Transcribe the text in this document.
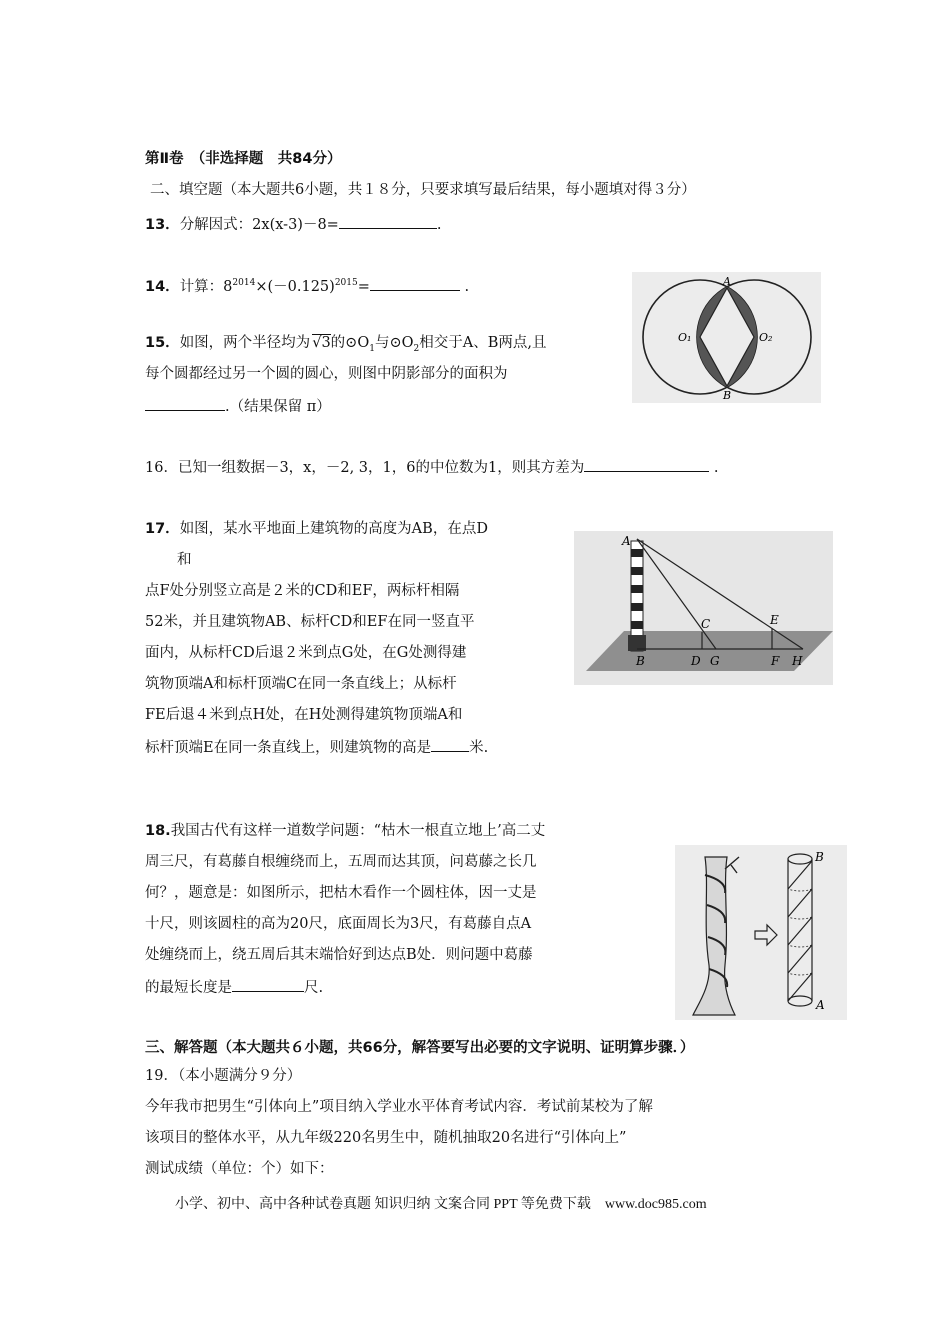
第Ⅱ卷　（非选择题　共84分）
二、填空题（本大题共6小题，共１８分，只要求填写最后结果，每小题填对得３分）
13．分解因式：2x(x-3)－8=	.
14．计算：$8^{2014}\times(-0.125)^{2015}=$	.	A
B
O₁	O₂
15．如图，两个半径均为 √3的$⊙O_1$与$⊙O_2$相交于A、B两点,且
每个圆都经过另一个圆的圆心，则图中阴影部分的面积为
.（结果保留 π）
16．已知一组数据－3，x，－2, 3，1，6的中位数为1，则其方差为	.
A
B
C
D G
E
F H
17．如图，某水平地面上建筑物的高度为AB，在点D
和
点F处分别竖立高是２米的CD和EF，两标杆相隔
52米，并且建筑物AB、标杆CD和EF在同一竖直平
面内，从标杆CD后退２米到点G处，在G处测得建
筑物顶端A和标杆顶端C在同一条直线上；从标杆
FE后退４米到点H处，在H处测得建筑物顶端A和
标杆顶端E在同一条直线上，则建筑物的高是	米.
B
A
18.我国古代有这样一道数学问题：“枯木一根直立地上’高二丈
周三尺，有葛藤自根缠绕而上，五周而达其顶，问葛藤之长几
何？，题意是：如图所示，把枯木看作一个圆柱体，因一丈是
十尺，则该圆柱的高为20尺，底面周长为3尺，有葛藤自点A
处缠绕而上，绕五周后其末端恰好到达点B处．则问题中葛藤
的最短长度是	尺.
三、解答题（本大题共６小题，共66分，解答要写出必要的文字说明、证明算步骤．）
19．（本小题满分９分）
今年我市把男生“引体向上”项目纳入学业水平体育考试内容．考试前某校为了解
该项目的整体水平，从九年级220名男生中，随机抽取20名进行“引体向上”
测试成绩（单位：个）如下：
小学、初中、高中各种试卷真题 知识归纳 文案合同 PPT 等免费下载　www.doc985.com
